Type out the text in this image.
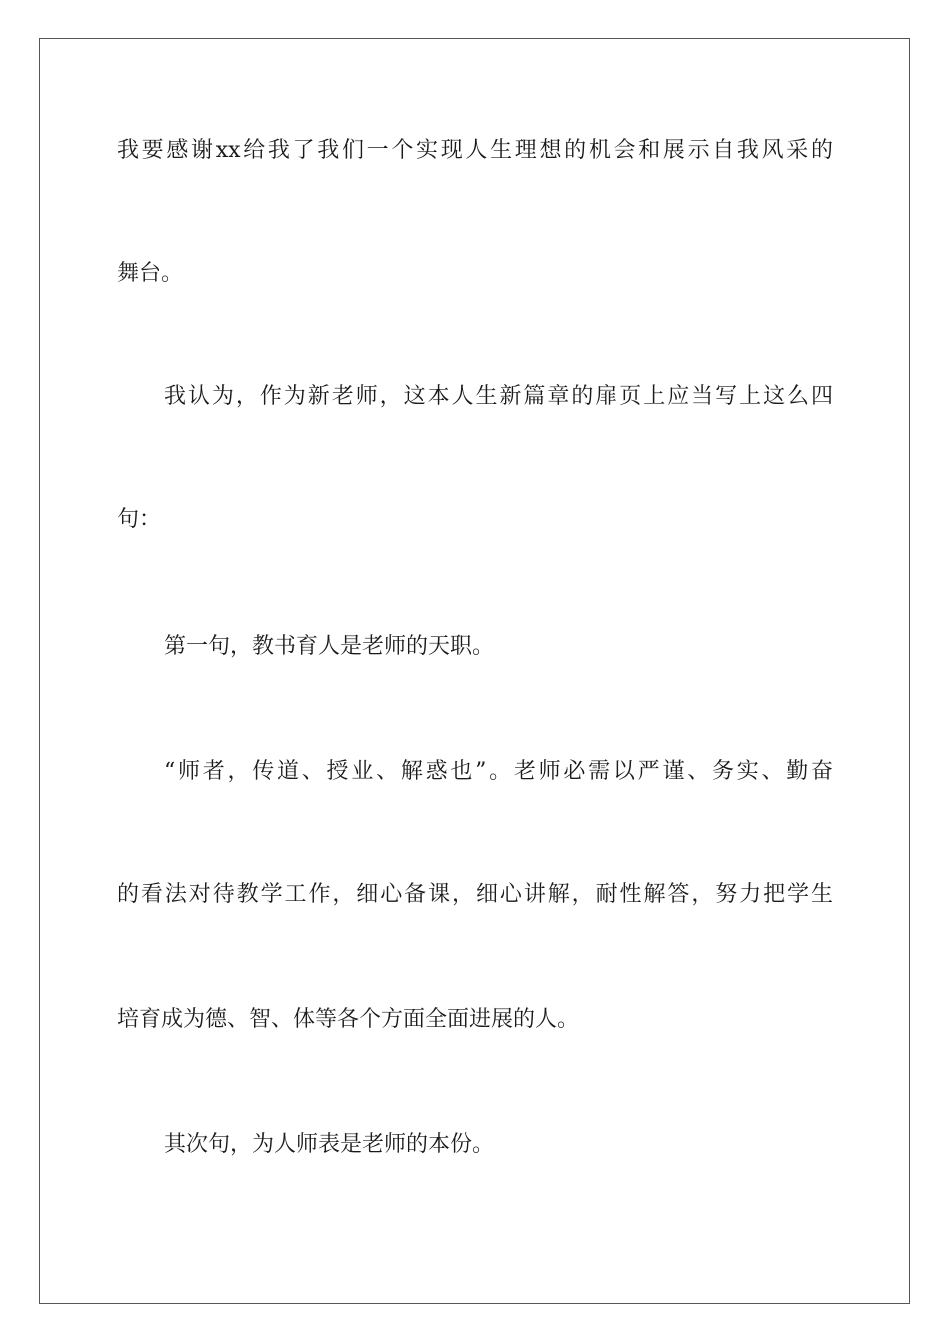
我要感谢xx给我了我们一个实现人生理想的机会和展示自我风采的
舞台。
我认为，作为新老师，这本人生新篇章的扉页上应当写上这么四
句：
第一句，教书育人是老师的天职。
“师者，传道、授业、解惑也”。老师必需以严谨、务实、勤奋
的看法对待教学工作，细心备课，细心讲解，耐性解答，努力把学生
培育成为德、智、体等各个方面全面进展的人。
其次句，为人师表是老师的本份。
